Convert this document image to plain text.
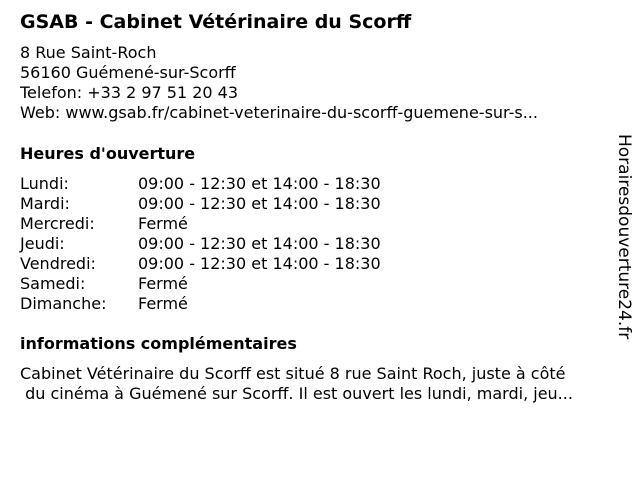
GSAB - Cabinet Vétérinaire du Scorff
8 Rue Saint-Roch
56160 Guémené-sur-Scorff
Telefon: +33 2 97 51 20 43
Web: www.gsab.fr/cabinet-veterinaire-du-scorff-guemene-sur-s...
Heures d'ouverture
Lundi:	09:00 - 12:30 et 14:00 - 18:30
Mardi:	09:00 - 12:30 et 14:00 - 18:30
Mercredi:	Fermé
Jeudi:	09:00 - 12:30 et 14:00 - 18:30
Vendredi:	09:00 - 12:30 et 14:00 - 18:30
Samedi:	Fermé
Dimanche: Fermé
informations complémentaires
Cabinet Vétérinaire du Scorff est situé 8 rue Saint Roch, juste à côté
du cinéma à Guémené sur Scorff. Il est ouvert les lundi, mardi, jeu...
Horairesdouverture24.fr
